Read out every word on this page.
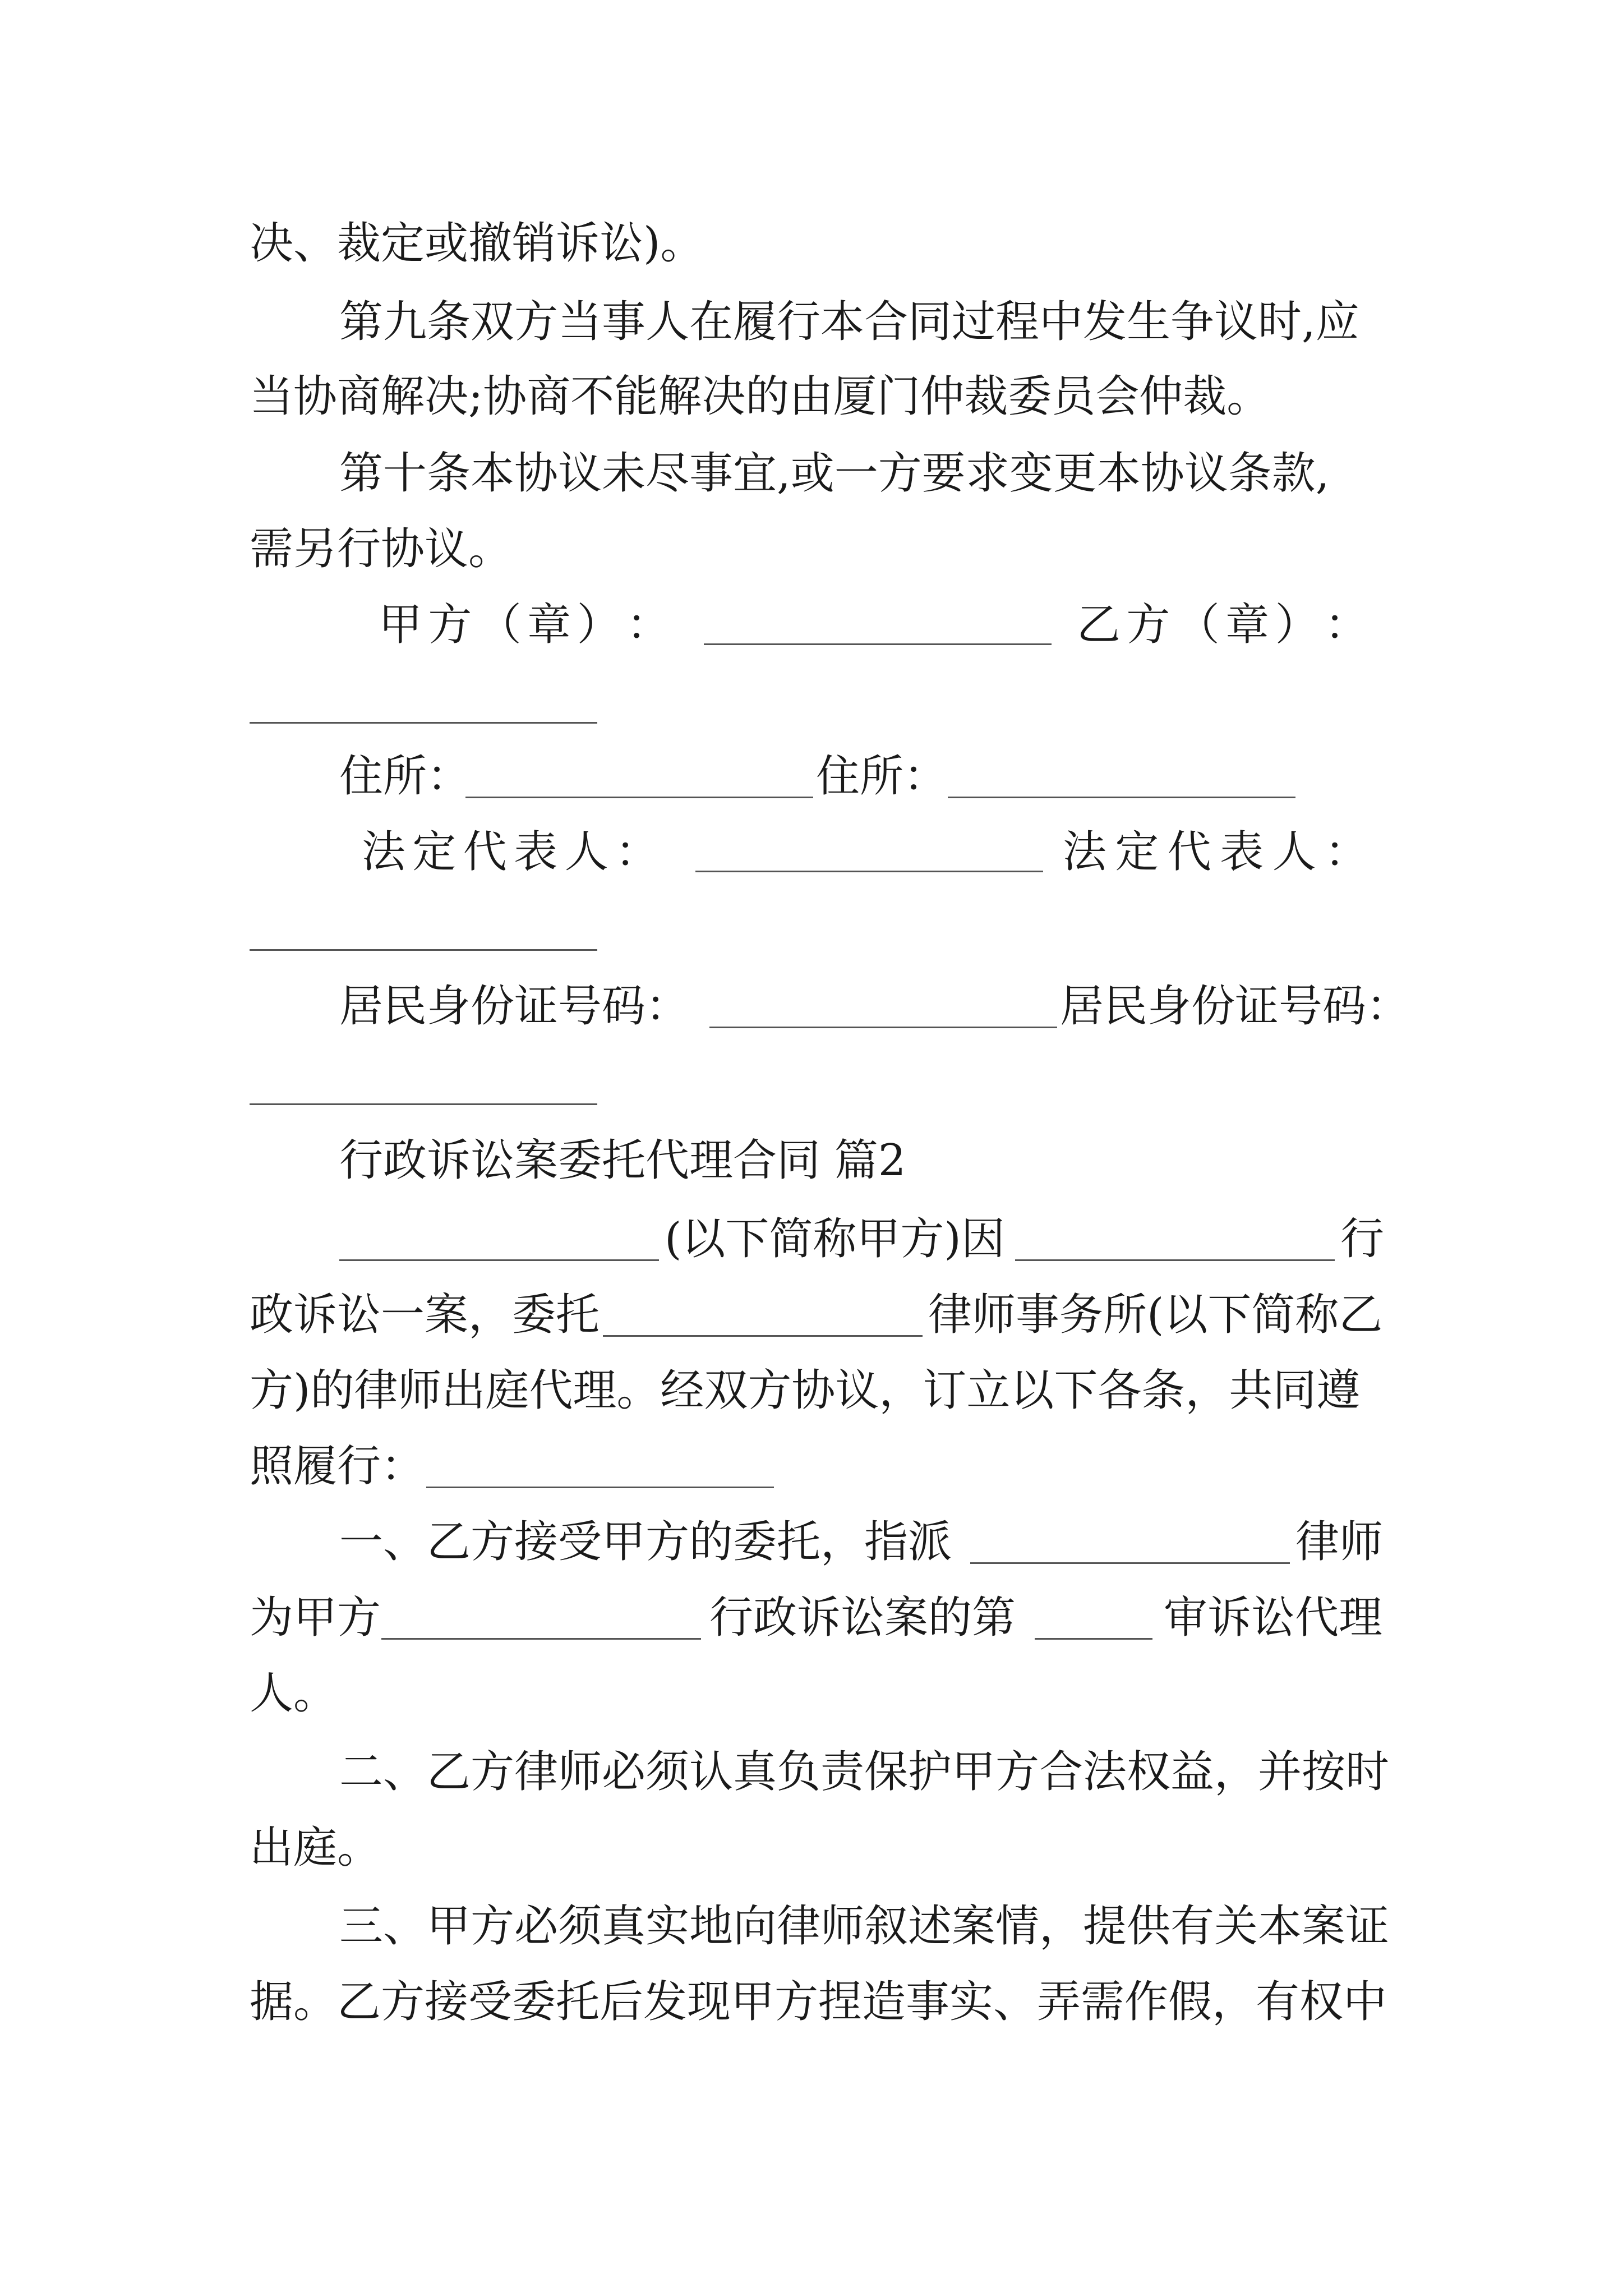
决、裁定或撤销诉讼)。
第九条双方当事人在履行本合同过程中发生争议时,应
当协商解决;协商不能解决的由厦门仲裁委员会仲裁。
第十条本协议未尽事宜,或一方要求变更本协议条款,
需另行协议。
甲 方 （ 章 ） ：	乙 方 （ 章 ） ：
住所：	住所：
法 定 代 表 人 ：	法 定 代 表 人 ：
居民身份证号码：	居民身份证号码：
行政诉讼案委托代理合同 篇2
(以下简称甲方)因	行
政诉讼一案，委托	律师事务所(以下简称乙
方)的律师出庭代理。经双方协议，订立以下各条，共同遵
照履行：
一、乙方接受甲方的委托，指派	律师
为甲方	行政诉讼案的第	审诉讼代理
人。
二、乙方律师必须认真负责保护甲方合法权益，并按时
出庭。
三、甲方必须真实地向律师叙述案情，提供有关本案证
据。乙方接受委托后发现甲方捏造事实、弄需作假，有权中
